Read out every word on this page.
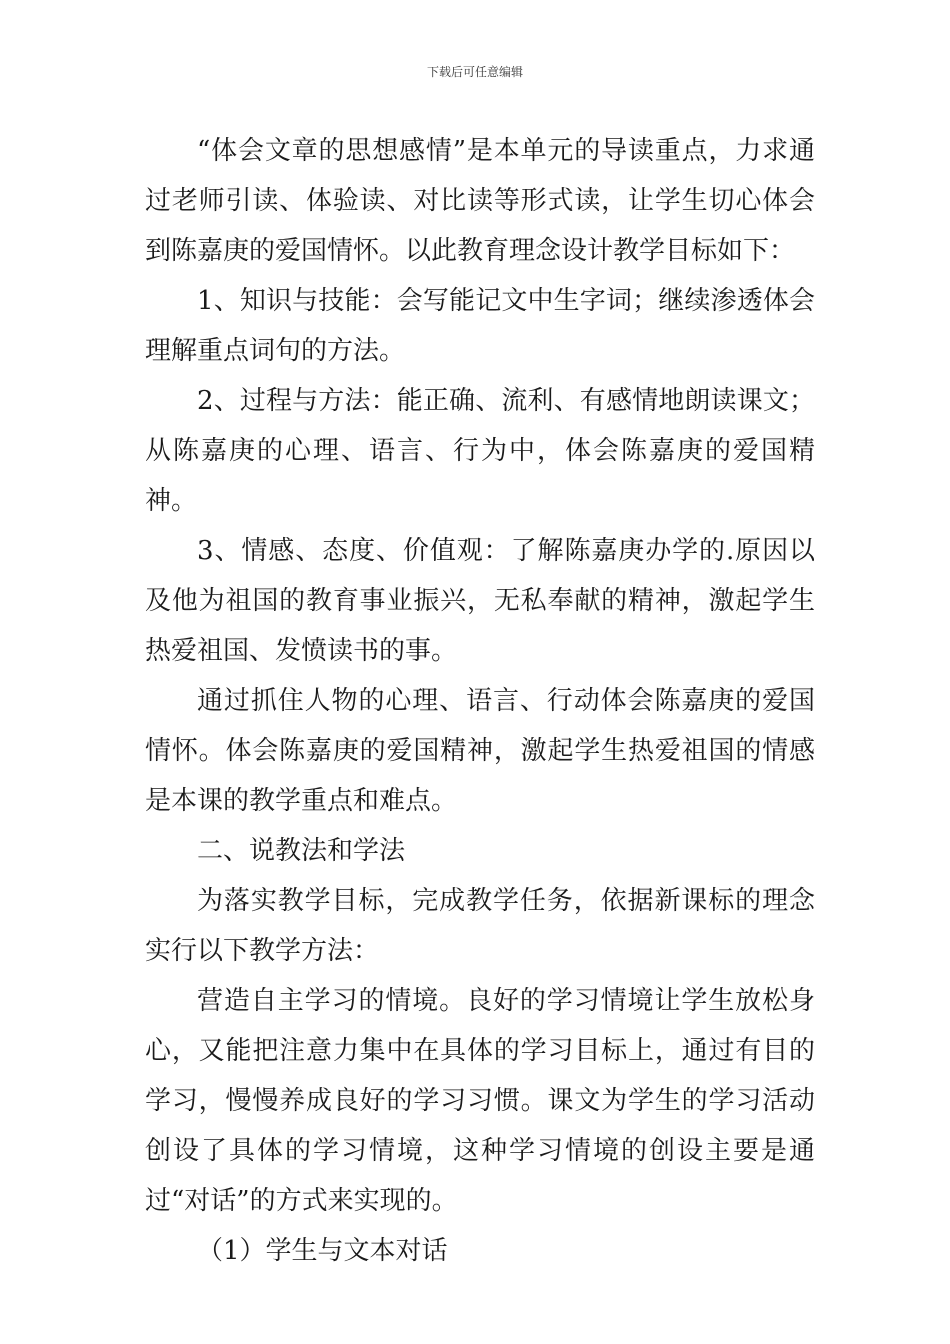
下载后可任意编辑

“体会文章的思想感情”是本单元的导读重点，力求通过老师引读、体验读、对比读等形式读，让学生切心体会到陈嘉庚的爱国情怀。以此教育理念设计教学目标如下：

1、知识与技能：会写能记文中生字词；继续渗透体会理解重点词句的方法。

2、过程与方法：能正确、流利、有感情地朗读课文；从陈嘉庚的心理、语言、行为中，体会陈嘉庚的爱国精神。

3、情感、态度、价值观：了解陈嘉庚办学的.原因以及他为祖国的教育事业振兴，无私奉献的精神，激起学生热爱祖国、发愤读书的事。

通过抓住人物的心理、语言、行动体会陈嘉庚的爱国情怀。体会陈嘉庚的爱国精神，激起学生热爱祖国的情感是本课的教学重点和难点。

二、说教法和学法

为落实教学目标，完成教学任务，依据新课标的理念实行以下教学方法：

营造自主学习的情境。良好的学习情境让学生放松身心，又能把注意力集中在具体的学习目标上，通过有目的学习，慢慢养成良好的学习习惯。课文为学生的学习活动创设了具体的学习情境，这种学习情境的创设主要是通过“对话”的方式来实现的。

（1）学生与文本对话
